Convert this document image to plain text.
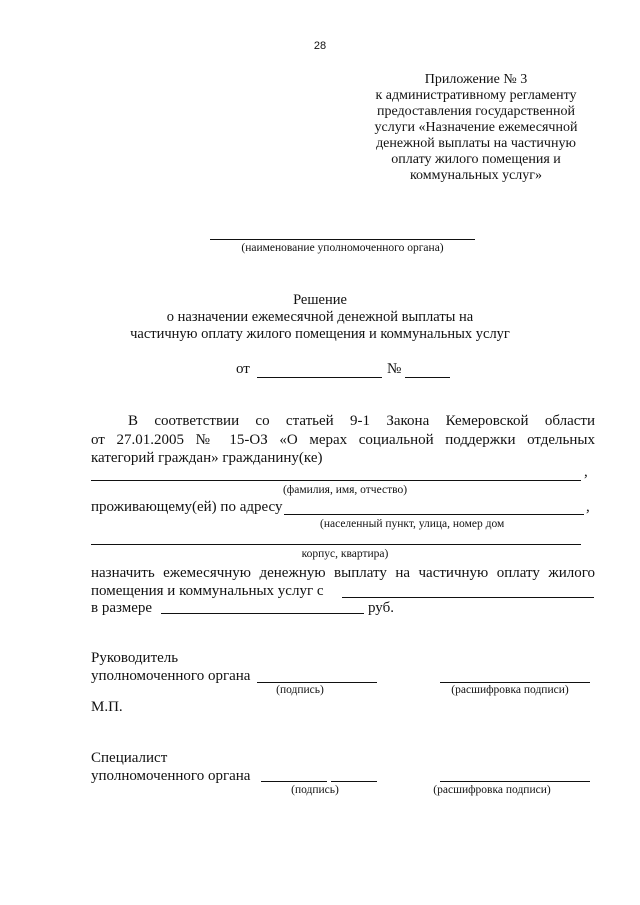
28
Приложение № 3
к административному регламенту
предоставления государственной
услуги «Назначение ежемесячной
денежной выплаты на частичную
оплату жилого помещения и
коммунальных услуг»
(наименование уполномоченного органа)
Решение
о назначении ежемесячной денежной выплаты на
частичную оплату жилого помещения и коммунальных услуг
от	№
В соответствии со статьей 9-1 Закона Кемеровской области
от 27.01.2005 № 15-ОЗ «О мерах социальной поддержки отдельных
категорий граждан» гражданину(ке)
,
(фамилия, имя, отчество)
проживающему(ей) по адресу	,
(населенный пункт, улица, номер дом
корпус, квартира)
назначить ежемесячную денежную выплату на частичную оплату жилого
помещения и коммунальных услуг с
в размере	руб.
Руководитель
уполномоченного органа
(подпись)	(расшифровка подписи)
М.П.
Специалист
уполномоченного органа
(подпись)	(расшифровка подписи)
